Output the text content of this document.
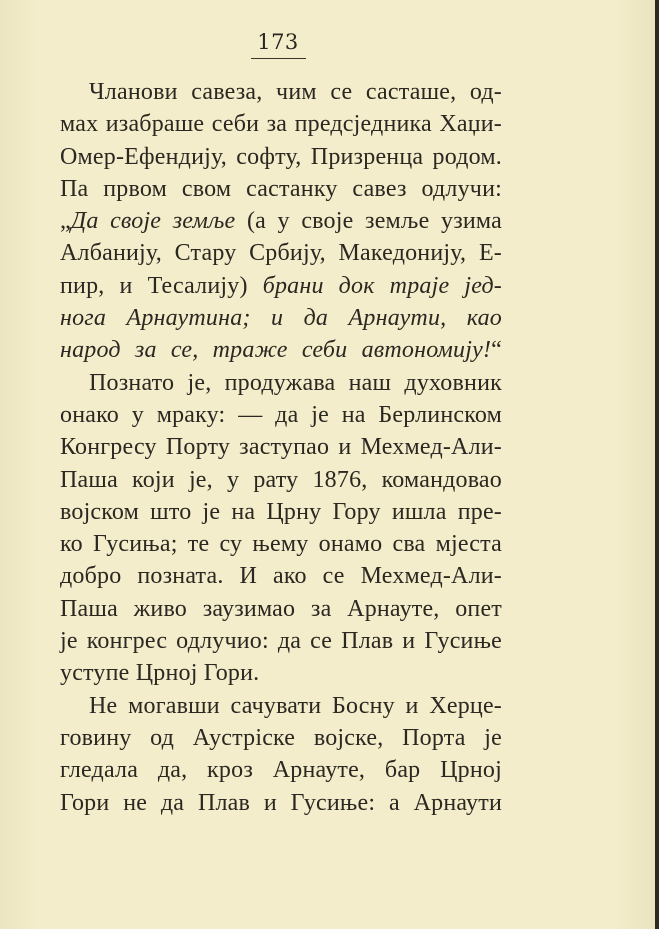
173
Чланови савеза, чим се састаше, од-
мах изабраше себи за предсједника Хаџи-
Омер-Ефендију, софту, Призренца родом.
Па првом свом састанку савез одлучи:
„Да своје земље (а у своје земље узима
Албанију, Стару Србију, Македонију, Е-
пир, и Тесалију) брани док траје јед-
нога Арнаутина; и да Арнаути, као
народ за се, траже себи автономију!“
Познато је, продужава наш духовник
онако у мраку: — да је на Берлинском
Конгресу Порту заступао и Мехмед-Али-
Паша који је, у рату 1876, командовао
војском што је на Црну Гору ишла пре-
ко Гусиња; те су њему онамо сва мјеста
добро позната. И ако се Мехмед-Али-
Паша живо заузимао за Арнауте, опет
је конгрес одлучио: да се Плав и Гусиње
уступе Црној Гори.
Не могавши сачувати Босну и Херце-
говину од Аустрiске војске, Порта је
гледала да, кроз Арнауте, бар Црној
Гори не да Плав и Гусиње: а Арнаути
